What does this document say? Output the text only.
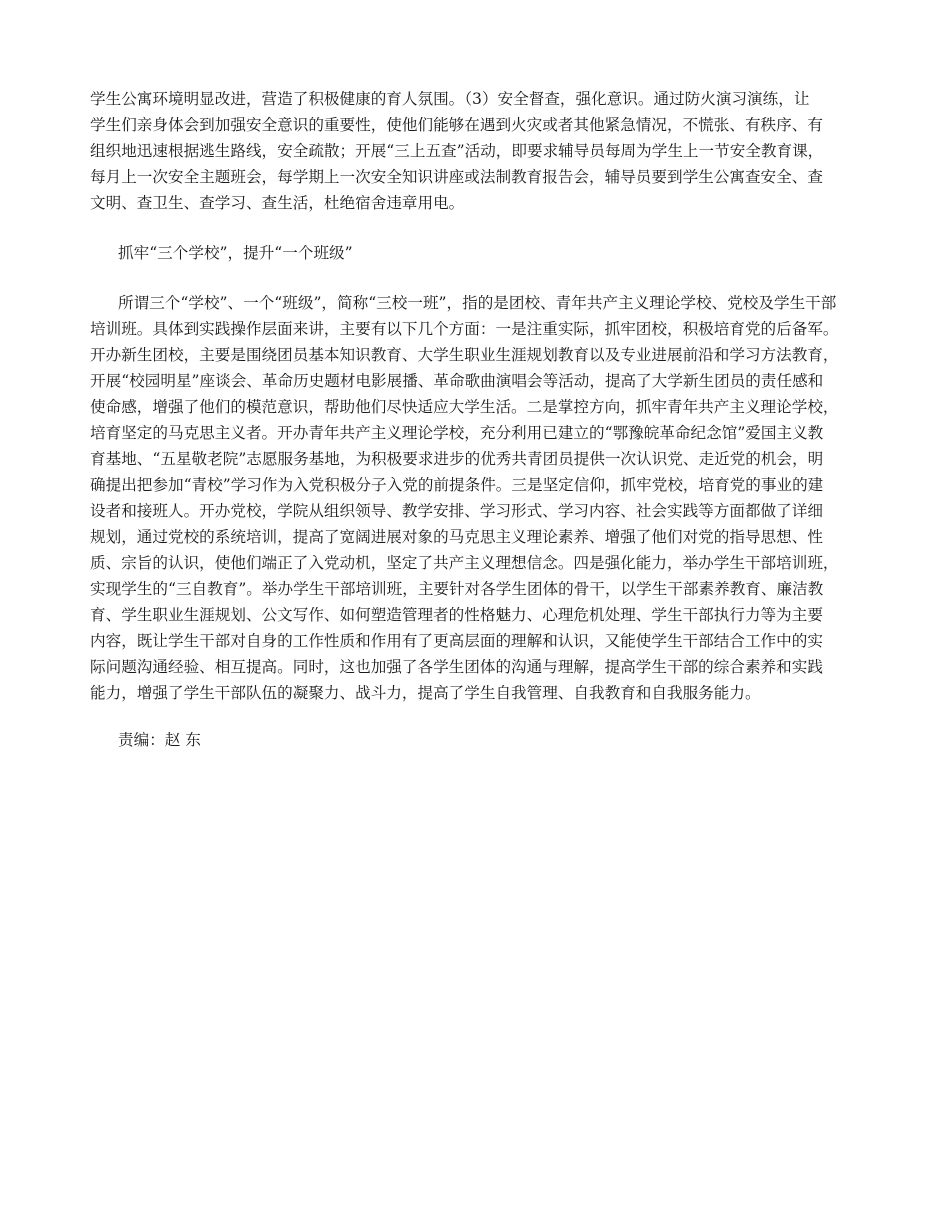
学生公寓环境明显改进，营造了积极健康的育人氛围。（3）安全督查，强化意识。通过防火演习演练，让
学生们亲身体会到加强安全意识的重要性，使他们能够在遇到火灾或者其他紧急情况，不慌张、有秩序、有
组织地迅速根据逃生路线，安全疏散；开展“三上五查”活动，即要求辅导员每周为学生上一节安全教育课，
每月上一次安全主题班会，每学期上一次安全知识讲座或法制教育报告会，辅导员要到学生公寓查安全、查
文明、查卫生、查学习、查生活，杜绝宿舍违章用电。
抓牢“三个学校”，提升“一个班级”
所谓三个“学校”、一个“班级”，简称“三校一班”，指的是团校、青年共产主义理论学校、党校及学生干部
培训班。具体到实践操作层面来讲，主要有以下几个方面：一是注重实际，抓牢团校，积极培育党的后备军。
开办新生团校，主要是围绕团员基本知识教育、大学生职业生涯规划教育以及专业进展前沿和学习方法教育，
开展“校园明星”座谈会、革命历史题材电影展播、革命歌曲演唱会等活动，提高了大学新生团员的责任感和
使命感，增强了他们的模范意识，帮助他们尽快适应大学生活。二是掌控方向，抓牢青年共产主义理论学校，
培育坚定的马克思主义者。开办青年共产主义理论学校，充分利用已建立的“鄂豫皖革命纪念馆”爱国主义教
育基地、“五星敬老院”志愿服务基地，为积极要求进步的优秀共青团员提供一次认识党、走近党的机会，明
确提出把参加“青校”学习作为入党积极分子入党的前提条件。三是坚定信仰，抓牢党校，培育党的事业的建
设者和接班人。开办党校，学院从组织领导、教学安排、学习形式、学习内容、社会实践等方面都做了详细
规划，通过党校的系统培训，提高了宽阔进展对象的马克思主义理论素养、增强了他们对党的指导思想、性
质、宗旨的认识，使他们端正了入党动机，坚定了共产主义理想信念。四是强化能力，举办学生干部培训班，
实现学生的“三自教育”。举办学生干部培训班，主要针对各学生团体的骨干，以学生干部素养教育、廉洁教
育、学生职业生涯规划、公文写作、如何塑造管理者的性格魅力、心理危机处理、学生干部执行力等为主要
内容，既让学生干部对自身的工作性质和作用有了更高层面的理解和认识，又能使学生干部结合工作中的实
际问题沟通经验、相互提高。同时，这也加强了各学生团体的沟通与理解，提高学生干部的综合素养和实践
能力，增强了学生干部队伍的凝聚力、战斗力，提高了学生自我管理、自我教育和自我服务能力。
责编：赵 东
